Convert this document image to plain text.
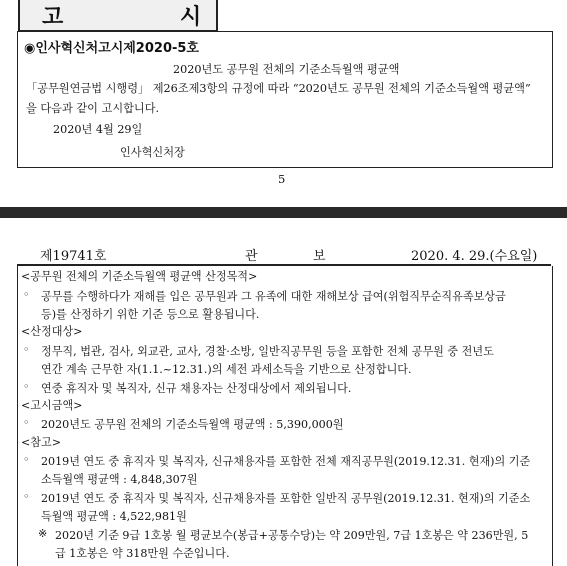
고	시
◉인사혁신처고시제2020-5호
2020년도 공무원 전체의 기준소득월액 평균액
「공무원연금법 시행령」 제26조제3항의 규정에 따라 “2020년도 공무원 전체의 기준소득월액 평균액”
을 다음과 같이 고시합니다.
2020년 4월 29일
인사혁신처장
5
제19741호	관	보	2020. 4. 29.(수요일)
<공무원 전체의 기준소득월액 평균액 산정목적>
◦ 공무를 수행하다가 재해를 입은 공무원과 그 유족에 대한 재해보상 급여(위험직무순직유족보상금
등)를 산정하기 위한 기준 등으로 활용됩니다.
<산정대상>
◦ 정무직, 법관, 검사, 외교관, 교사, 경찰·소방, 일반직공무원 등을 포함한 전체 공무원 중 전년도
연간 계속 근무한 자(1.1.~12.31.)의 세전 과세소득을 기반으로 산정합니다.
◦ 연중 휴직자 및 복직자, 신규 채용자는 산정대상에서 제외됩니다.
<고시금액>
◦ 2020년도 공무원 전체의 기준소득월액 평균액 : 5,390,000원
<참고>
◦ 2019년 연도 중 휴직자 및 복직자, 신규채용자를 포함한 전체 재직공무원(2019.12.31. 현재)의 기준
소득월액 평균액 : 4,848,307원
◦ 2019년 연도 중 휴직자 및 복직자, 신규채용자를 포함한 일반직 공무원(2019.12.31. 현재)의 기준소
득월액 평균액 : 4,522,981원
※ 2020년 기준 9급 1호봉 월 평균보수(봉급+공통수당)는 약 209만원, 7급 1호봉은 약 236만원, 5
급 1호봉은 약 318만원 수준입니다.
